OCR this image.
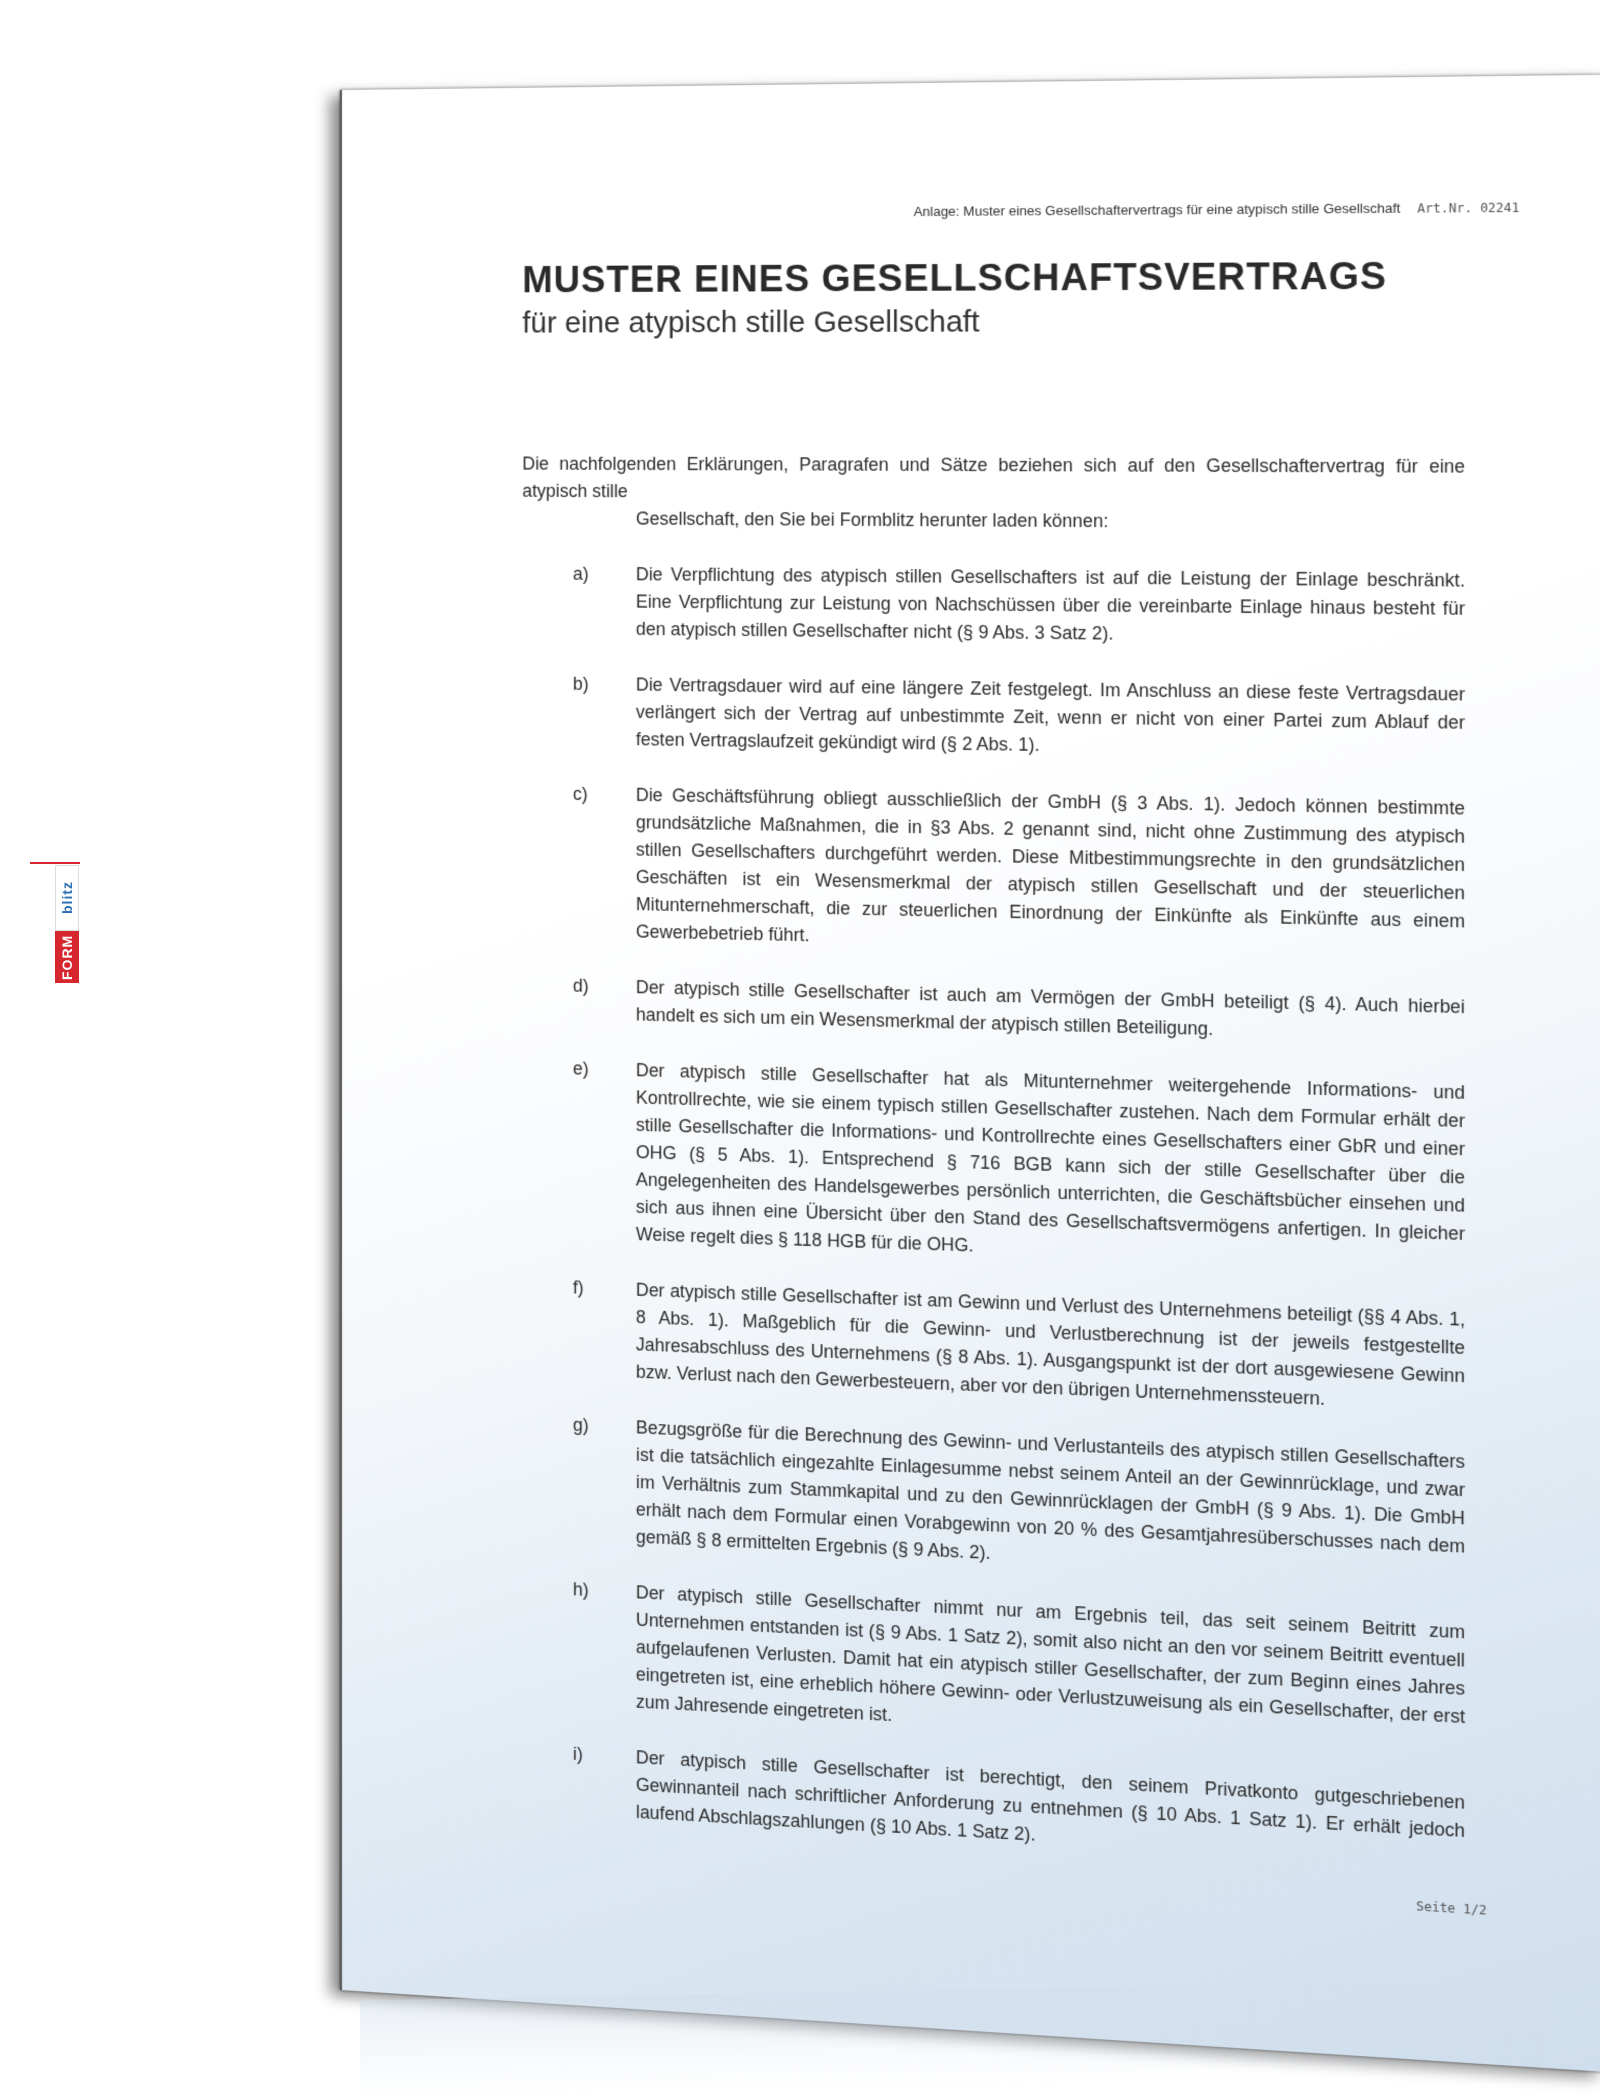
FORM
blitz
Anlage: Muster eines Gesellschaftervertrags für eine atypisch stille Gesellschaft Art.Nr. 02241
MUSTER EINES GESELLSCHAFTSVERTRAGS

für eine atypisch stille Gesellschaft

Die nachfolgenden Erklärungen, Paragrafen und Sätze beziehen sich auf den Gesellschaftervertrag für eine atypisch stille
Gesellschaft, den Sie bei Formblitz herunter laden können:

a)	Die Verpflichtung des atypisch stillen Gesellschafters ist auf die Leistung der Einlage beschränkt. Eine Verpflichtung zur Leistung von Nachschüssen über die vereinbarte Einlage hinaus besteht für den atypisch stillen Gesellschafter nicht (§ 9 Abs. 3 Satz 2).
b)	Die Vertragsdauer wird auf eine längere Zeit festgelegt. Im Anschluss an diese feste Vertragsdauer verlängert sich der Vertrag auf unbestimmte Zeit, wenn er nicht von einer Partei zum Ablauf der festen Vertragslaufzeit gekündigt wird (§ 2 Abs. 1).
c)	Die Geschäftsführung obliegt ausschließlich der GmbH (§ 3 Abs. 1). Jedoch können bestimmte grundsätzliche Maßnahmen, die in §3 Abs. 2 genannt sind, nicht ohne Zustimmung des atypisch stillen Gesellschafters durchgeführt werden. Diese Mitbestimmungsrechte in den grundsätzlichen Geschäften ist ein Wesensmerkmal der atypisch stillen Gesellschaft und der steuerlichen Mitunternehmerschaft, die zur steuerlichen Einordnung der Einkünfte als Einkünfte aus einem Gewerbebetrieb führt.
d)	Der atypisch stille Gesellschafter ist auch am Vermögen der GmbH beteiligt (§ 4). Auch hierbei handelt es sich um ein Wesensmerkmal der atypisch stillen Beteiligung.
e)	Der atypisch stille Gesellschafter hat als Mitunternehmer weitergehende Informations- und Kontrollrechte, wie sie einem typisch stillen Gesellschafter zustehen. Nach dem Formular erhält der stille Gesellschafter die Informations- und Kontrollrechte eines Gesellschafters einer GbR und einer OHG (§ 5 Abs. 1). Entsprechend § 716 BGB kann sich der stille Gesellschafter über die Angelegenheiten des Handelsgewerbes persönlich unterrichten, die Geschäftsbücher einsehen und sich aus ihnen eine Übersicht über den Stand des Gesellschaftsvermögens anfertigen. In gleicher Weise regelt dies § 118 HGB für die OHG.
f)	Der atypisch stille Gesellschafter ist am Gewinn und Verlust des Unternehmens beteiligt (§§ 4 Abs. 1, 8 Abs. 1). Maßgeblich für die Gewinn- und Verlustberechnung ist der jeweils festgestellte Jahresabschluss des Unternehmens (§ 8 Abs. 1). Ausgangspunkt ist der dort ausgewiesene Gewinn bzw. Verlust nach den Gewerbesteuern, aber vor den übrigen Unternehmenssteuern.
g)	Bezugsgröße für die Berechnung des Gewinn- und Verlustanteils des atypisch stillen Gesellschafters ist die tatsächlich eingezahlte Einlagesumme nebst seinem Anteil an der Gewinnrücklage, und zwar im Verhältnis zum Stammkapital und zu den Gewinnrücklagen der GmbH (§ 9 Abs. 1). Die GmbH erhält nach dem Formular einen Vorabgewinn von 20 % des Gesamtjahresüberschusses nach dem gemäß § 8 ermittelten Ergebnis (§ 9 Abs. 2).
h)	Der atypisch stille Gesellschafter nimmt nur am Ergebnis teil, das seit seinem Beitritt zum Unternehmen entstanden ist (§ 9 Abs. 1 Satz 2), somit also nicht an den vor seinem Beitritt eventuell aufgelaufenen Verlusten. Damit hat ein atypisch stiller Gesellschafter, der zum Beginn eines Jahres eingetreten ist, eine erheblich höhere Gewinn- oder Verlustzuweisung als ein Gesellschafter, der erst zum Jahresende eingetreten ist.
i)	Der atypisch stille Gesellschafter ist berechtigt, den seinem Privatkonto gutgeschriebenen Gewinnanteil nach schriftlicher Anforderung zu entnehmen (§ 10 Abs. 1 Satz 1). Er erhält jedoch laufend Abschlagszahlungen (§ 10 Abs. 1 Satz 2).
Seite 1/2
